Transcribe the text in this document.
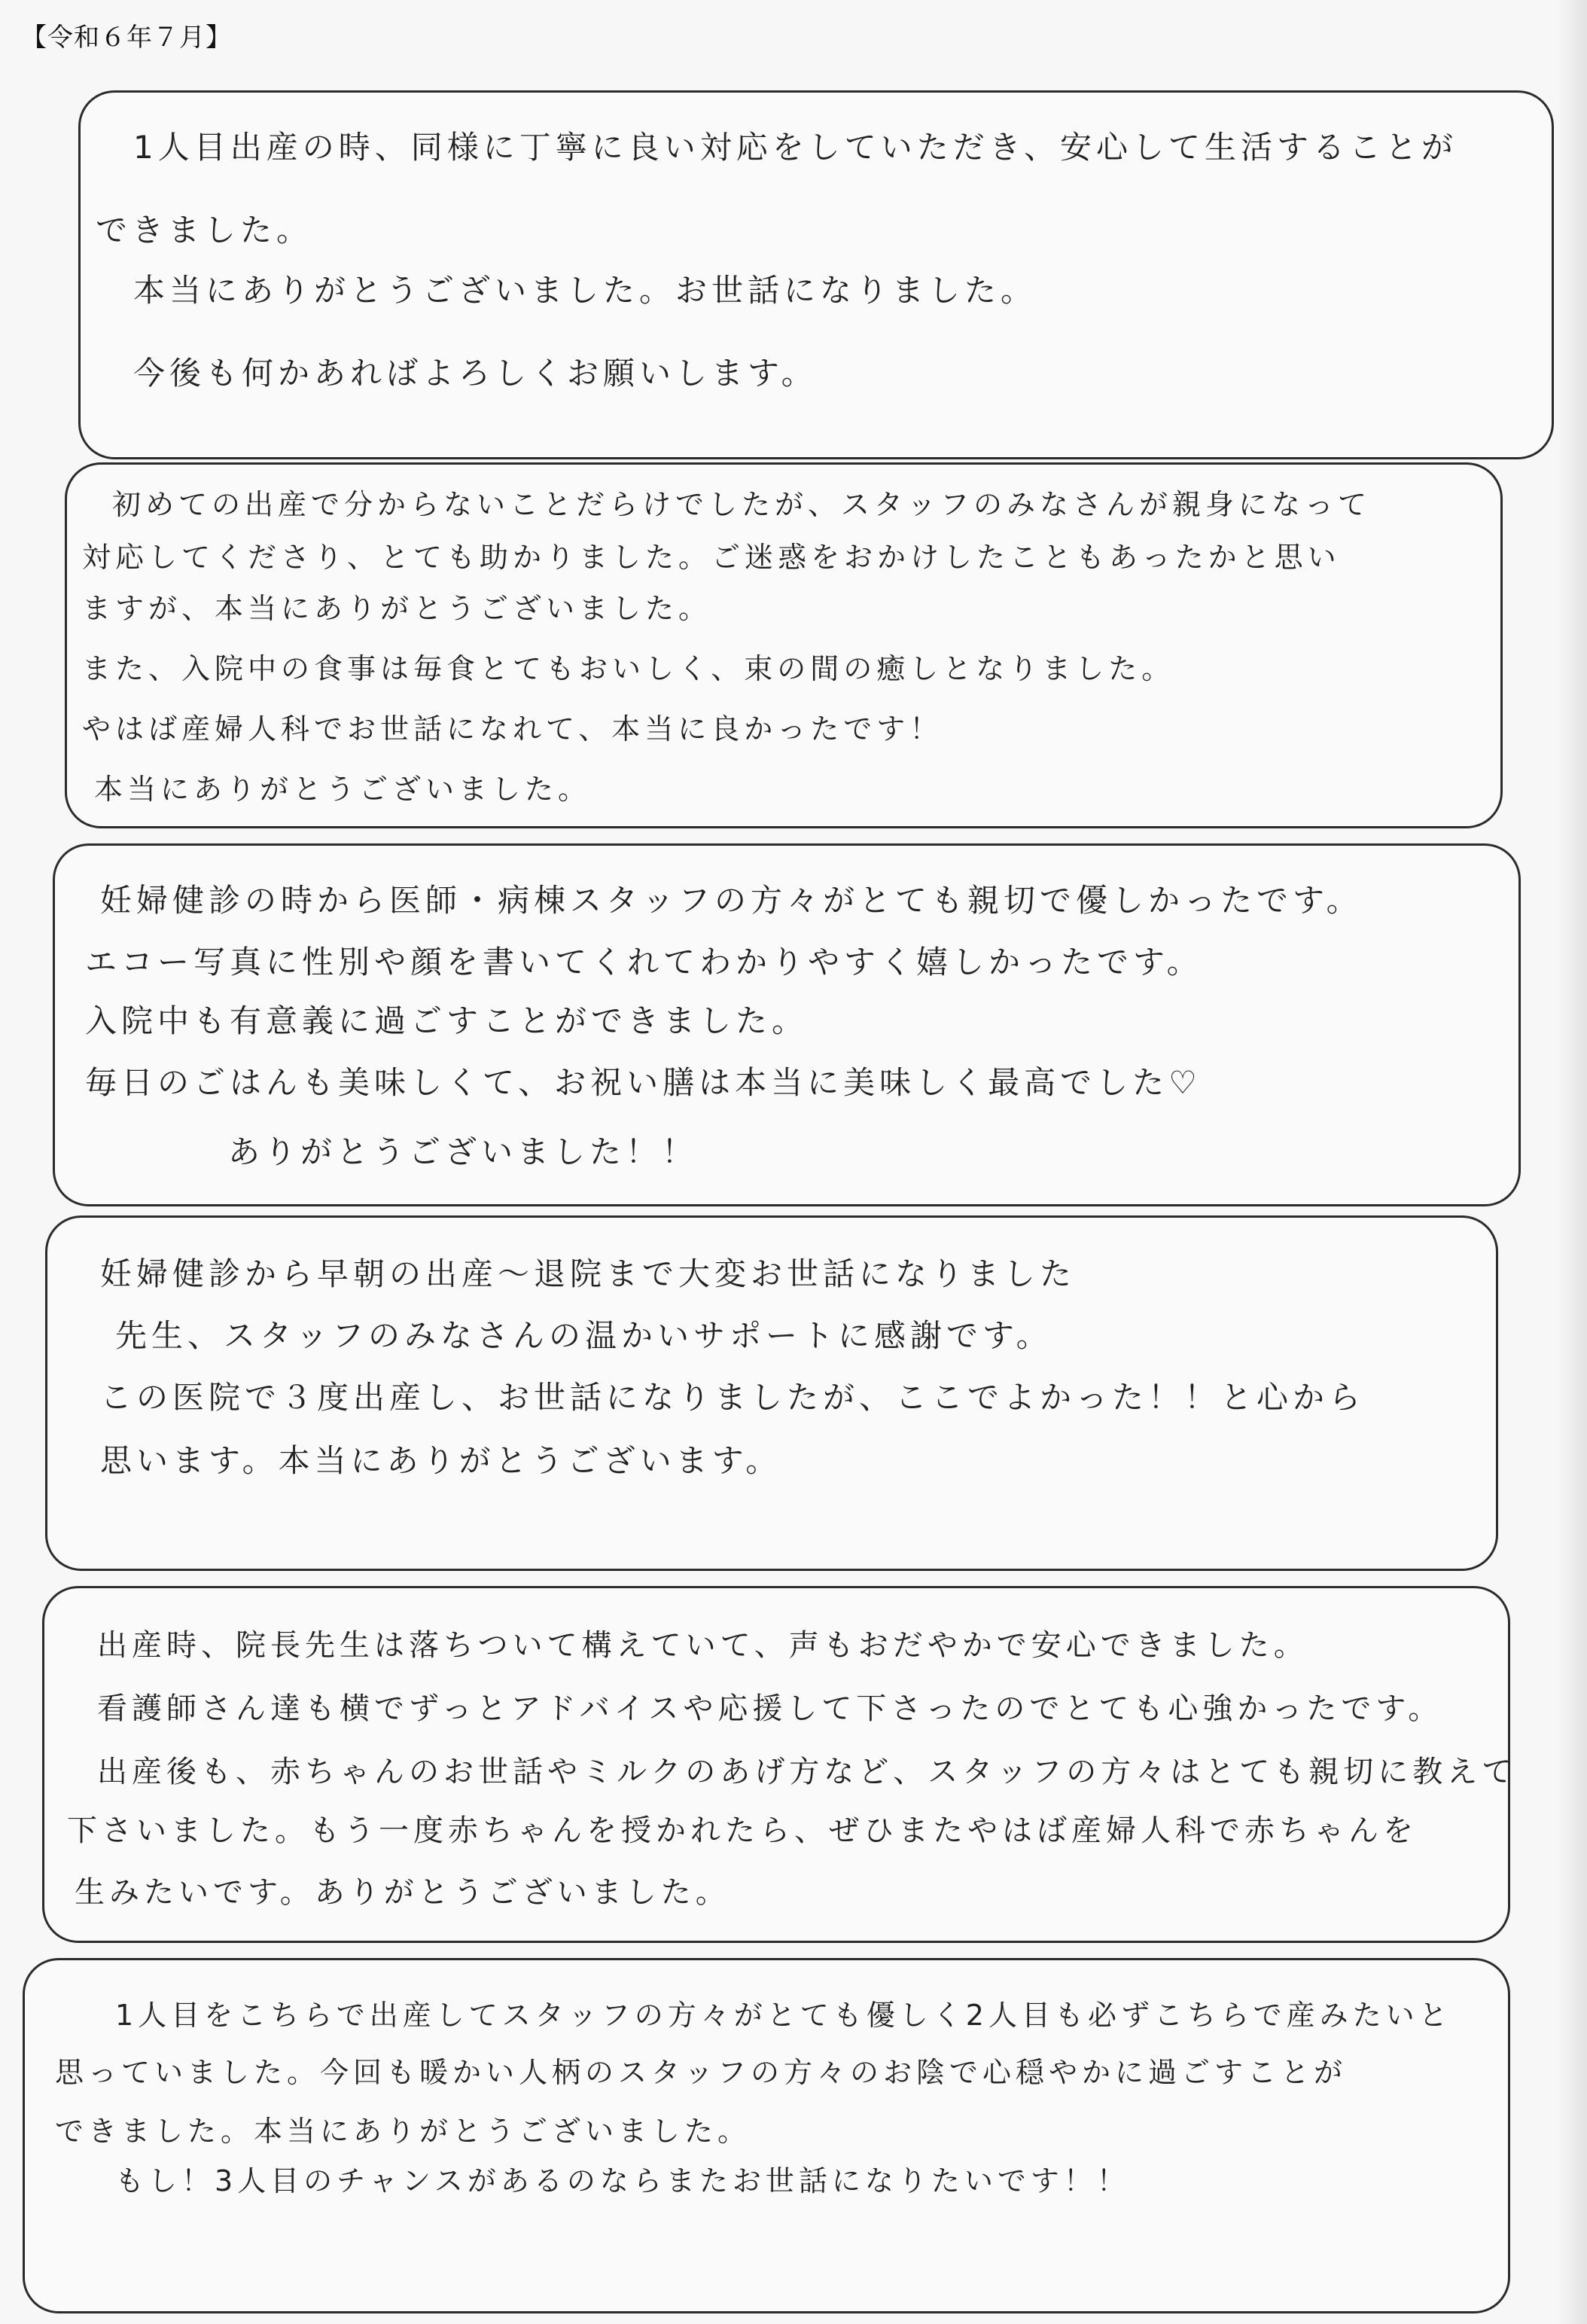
【令和６年７月】
1人目出産の時、同様に丁寧に良い対応をしていただき、安心して生活することが
できました。
本当にありがとうございました。お世話になりました。
今後も何かあればよろしくお願いします。
初めての出産で分からないことだらけでしたが、スタッフのみなさんが親身になって
対応してくださり、とても助かりました。ご迷惑をおかけしたこともあったかと思い
ますが、本当にありがとうございました。
また、入院中の食事は毎食とてもおいしく、束の間の癒しとなりました。
やはば産婦人科でお世話になれて、本当に良かったです！
本当にありがとうございました。
妊婦健診の時から医師・病棟スタッフの方々がとても親切で優しかったです。
エコー写真に性別や顔を書いてくれてわかりやすく嬉しかったです。
入院中も有意義に過ごすことができました。
毎日のごはんも美味しくて、お祝い膳は本当に美味しく最高でした♡
ありがとうございました！！
妊婦健診から早朝の出産〜退院まで大変お世話になりました
先生、スタッフのみなさんの温かいサポートに感謝です。
この医院で３度出産し、お世話になりましたが、ここでよかった！！と心から
思います。本当にありがとうございます。
出産時、院長先生は落ちついて構えていて、声もおだやかで安心できました。
看護師さん達も横でずっとアドバイスや応援して下さったのでとても心強かったです。
出産後も、赤ちゃんのお世話やミルクのあげ方など、スタッフの方々はとても親切に教えて
下さいました。もう一度赤ちゃんを授かれたら、ぜひまたやはば産婦人科で赤ちゃんを
生みたいです。ありがとうございました。
1人目をこちらで出産してスタッフの方々がとても優しく2人目も必ずこちらで産みたいと
思っていました。今回も暖かい人柄のスタッフの方々のお陰で心穏やかに過ごすことが
できました。本当にありがとうございました。
もし！3人目のチャンスがあるのならまたお世話になりたいです！！
